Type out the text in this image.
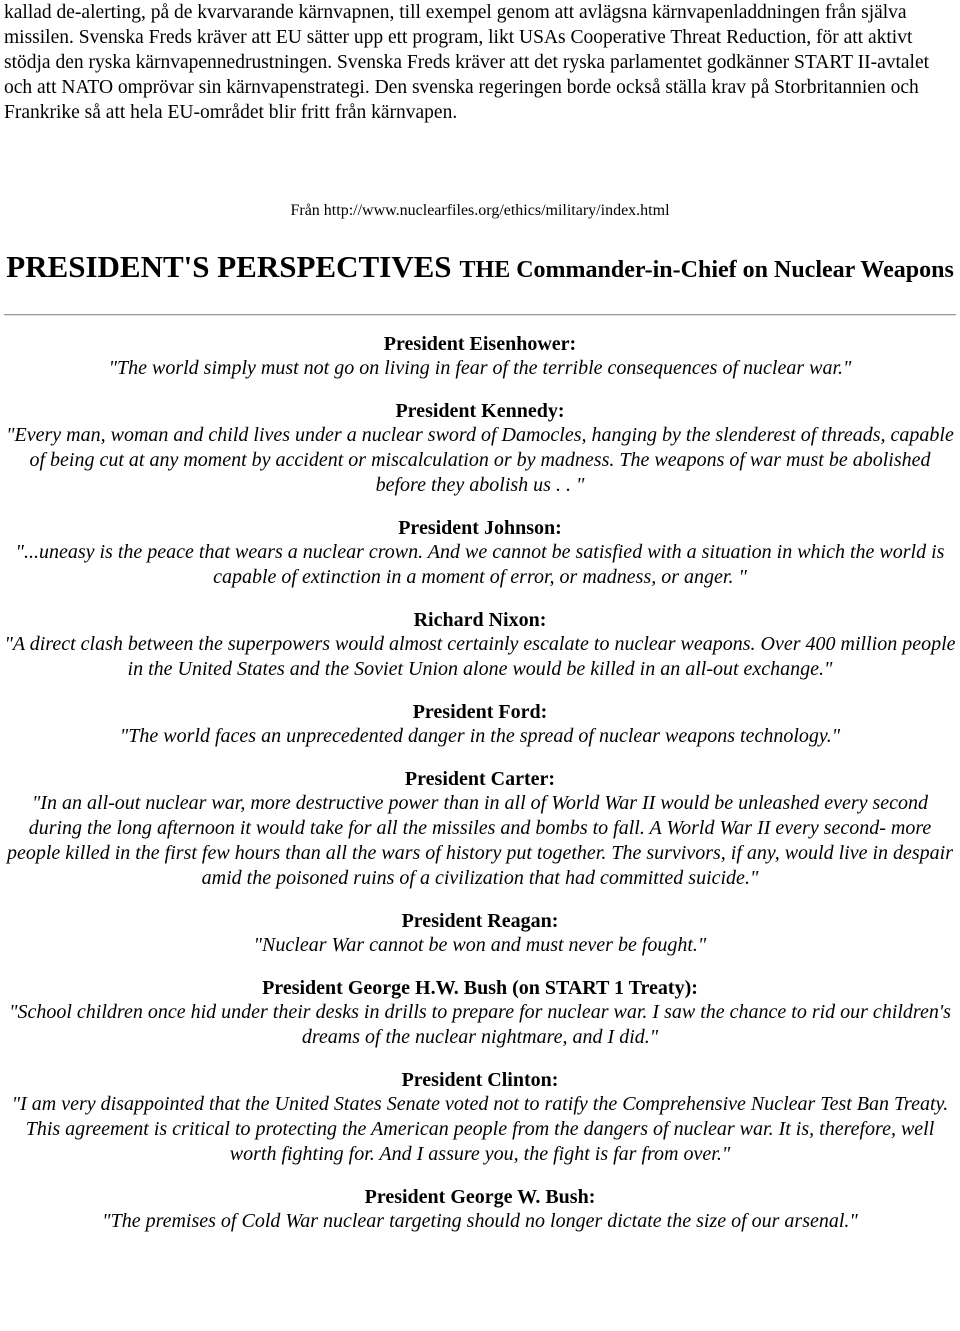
kallad de-alerting, på de kvarvarande kärnvapnen, till exempel genom att avlägsna kärnvapenladdningen från själva missilen. Svenska Freds kräver att EU sätter upp ett program, likt USAs Cooperative Threat Reduction, för att aktivt stödja den ryska kärnvapennedrustningen. Svenska Freds kräver att det ryska parlamentet godkänner START II-avtalet och att NATO omprövar sin kärnvapenstrategi. Den svenska regeringen borde också ställa krav på Storbritannien och Frankrike så att hela EU-området blir fritt från kärnvapen.

Från http://www.nuclearfiles.org/ethics/military/index.html

PRESIDENT'S PERSPECTIVES THE Commander-in-Chief on Nuclear Weapons

President Eisenhower:

"The world simply must not go on living in fear of the terrible consequences of nuclear war."

President Kennedy:

"Every man, woman and child lives under a nuclear sword of Damocles, hanging by the slenderest of threads, capable of being cut at any moment by accident or miscalculation or by madness. The weapons of war must be abolished before they abolish us . . "

President Johnson:

"...uneasy is the peace that wears a nuclear crown. And we cannot be satisfied with a situation in which the world is capable of extinction in a moment of error, or madness, or anger. "

Richard Nixon:

"A direct clash between the superpowers would almost certainly escalate to nuclear weapons. Over 400 million people in the United States and the Soviet Union alone would be killed in an all-out exchange."

President Ford:

"The world faces an unprecedented danger in the spread of nuclear weapons technology."

President Carter:

"In an all-out nuclear war, more destructive power than in all of World War II would be unleashed every second during the long afternoon it would take for all the missiles and bombs to fall. A World War II every second- more people killed in the first few hours than all the wars of history put together. The survivors, if any, would live in despair amid the poisoned ruins of a civilization that had committed suicide."

President Reagan:

"Nuclear War cannot be won and must never be fought."

President George H.W. Bush (on START 1 Treaty):

"School children once hid under their desks in drills to prepare for nuclear war. I saw the chance to rid our children's dreams of the nuclear nightmare, and I did."

President Clinton:

"I am very disappointed that the United States Senate voted not to ratify the Comprehensive Nuclear Test Ban Treaty. This agreement is critical to protecting the American people from the dangers of nuclear war. It is, therefore, well worth fighting for. And I assure you, the fight is far from over."

President George W. Bush:

"The premises of Cold War nuclear targeting should no longer dictate the size of our arsenal."
